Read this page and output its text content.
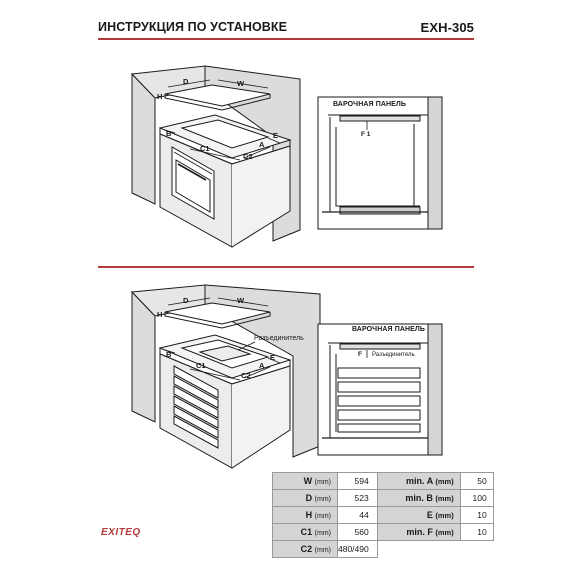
ИНСТРУКЦИЯ ПО УСТАНОВКЕ	EXH-305
D	W
H
B
C1
C2
A
E
ВАРОЧНАЯ ПАНЕЛЬ
F 1
D	W
H
B
C1
C2
A
E
Разъединитель
ВАРОЧНАЯ ПАНЕЛЬ
F Разъединитель
W (mm)	594	min. A (mm)	50
D (mm)	523	min. B (mm)	100
H (mm)	44	E (mm)	10
C1 (mm)	560	min. F (mm)	10
C2 (mm)	480/490		
EXITEQ
